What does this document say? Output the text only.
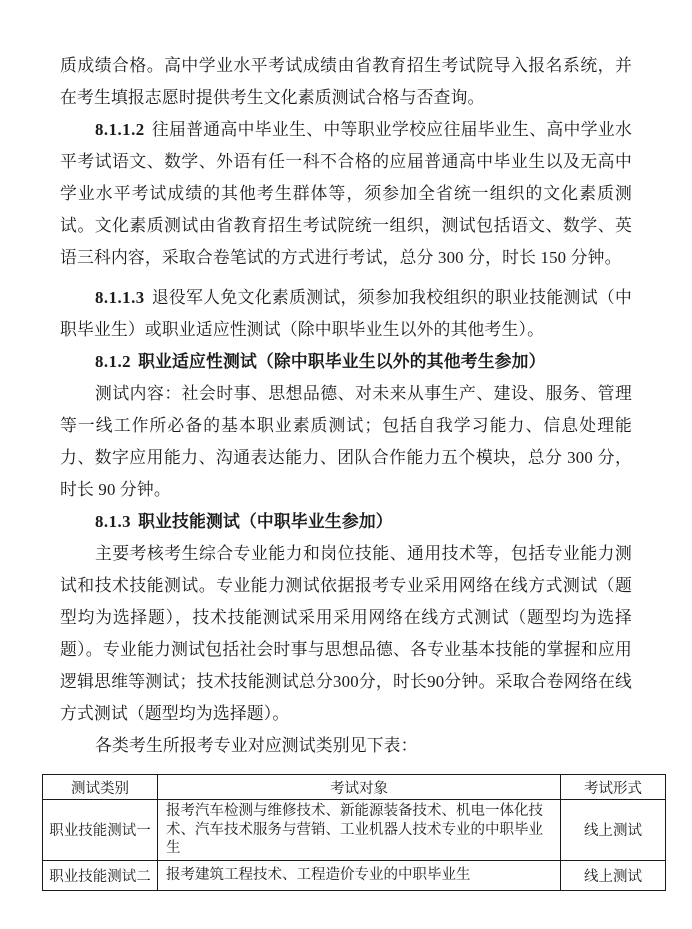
质成绩合格。高中学业水平考试成绩由省教育招生考试院导入报名系统，并在考生填报志愿时提供考生文化素质测试合格与否查询。

8.1.1.2 往届普通高中毕业生、中等职业学校应往届毕业生、高中学业水平考试语文、数学、外语有任一科不合格的应届普通高中毕业生以及无高中学业水平考试成绩的其他考生群体等，须参加全省统一组织的文化素质测试。文化素质测试由省教育招生考试院统一组织，测试包括语文、数学、英语三科内容，采取合卷笔试的方式进行考试，总分 300 分，时长 150 分钟。

8.1.1.3 退役军人免文化素质测试，须参加我校组织的职业技能测试（中职毕业生）或职业适应性测试（除中职毕业生以外的其他考生）。

8.1.2 职业适应性测试（除中职毕业生以外的其他考生参加）

测试内容：社会时事、思想品德、对未来从事生产、建设、服务、管理等一线工作所必备的基本职业素质测试；包括自我学习能力、信息处理能力、数字应用能力、沟通表达能力、团队合作能力五个模块，总分 300 分，时长 90 分钟。

8.1.3 职业技能测试（中职毕业生参加）

主要考核考生综合专业能力和岗位技能、通用技术等，包括专业能力测试和技术技能测试。专业能力测试依据报考专业采用网络在线方式测试（题型均为选择题），技术技能测试采用采用网络在线方式测试（题型均为选择题）。专业能力测试包括社会时事与思想品德、各专业基本技能的掌握和应用逻辑思维等测试；技术技能测试总分300分，时长90分钟。采取合卷网络在线方式测试（题型均为选择题）。

各类考生所报考专业对应测试类别见下表：

测试类别	考试对象	考试形式
职业技能测试一	报考汽车检测与维修技术、新能源装备技术、机电一体化技术、汽车技术服务与营销、工业机器人技术专业的中职毕业生	线上测试
职业技能测试二	报考建筑工程技术、工程造价专业的中职毕业生	线上测试
